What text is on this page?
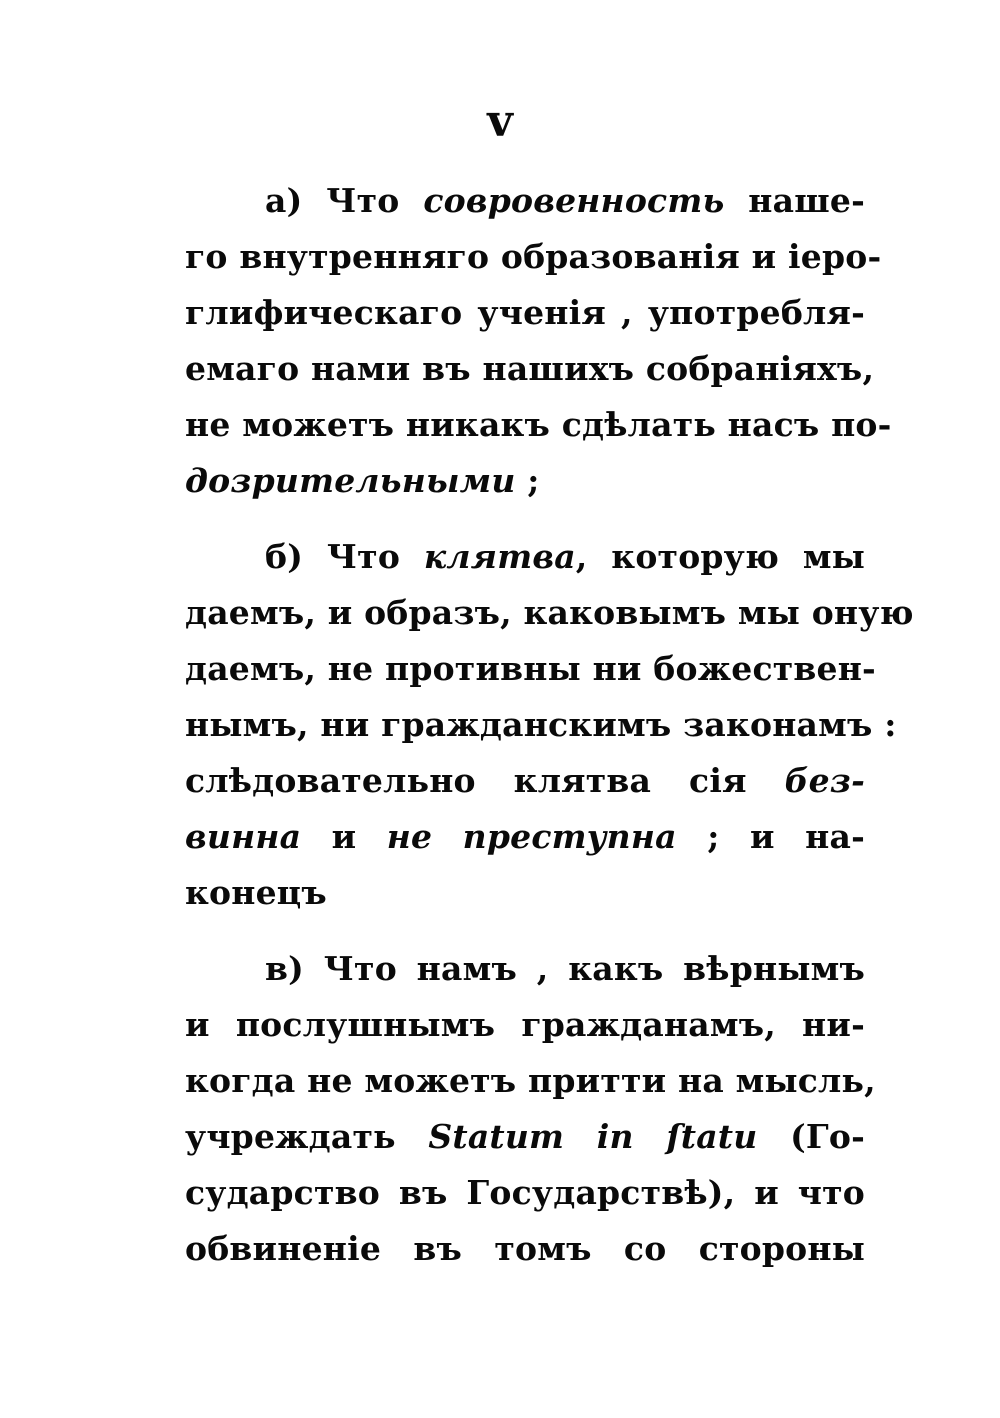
v
а) Что совровенность наше-
го внутренняго образованія и іеро-
глифическаго ученія , употребля-
емаго нами въ нашихъ собраніяхъ,
не можетъ никакъ сдѣлать насъ по-
дозрительными ;
б) Что клятва, которую мы
даемъ, и образъ, каковымъ мы оную
даемъ, не противны ни божествен-
нымъ, ни гражданскимъ законамъ :
слѣдовательно клятва сія без-
винна и не преступна ; и на-
конецъ
в) Что намъ , какъ вѣрнымъ
и послушнымъ гражданамъ, ни-
когда не можетъ притти на мысль,
учреждать Statum in ſtatu (Го-
сударство въ Государствѣ), и что
обвиненіе въ томъ со стороны
